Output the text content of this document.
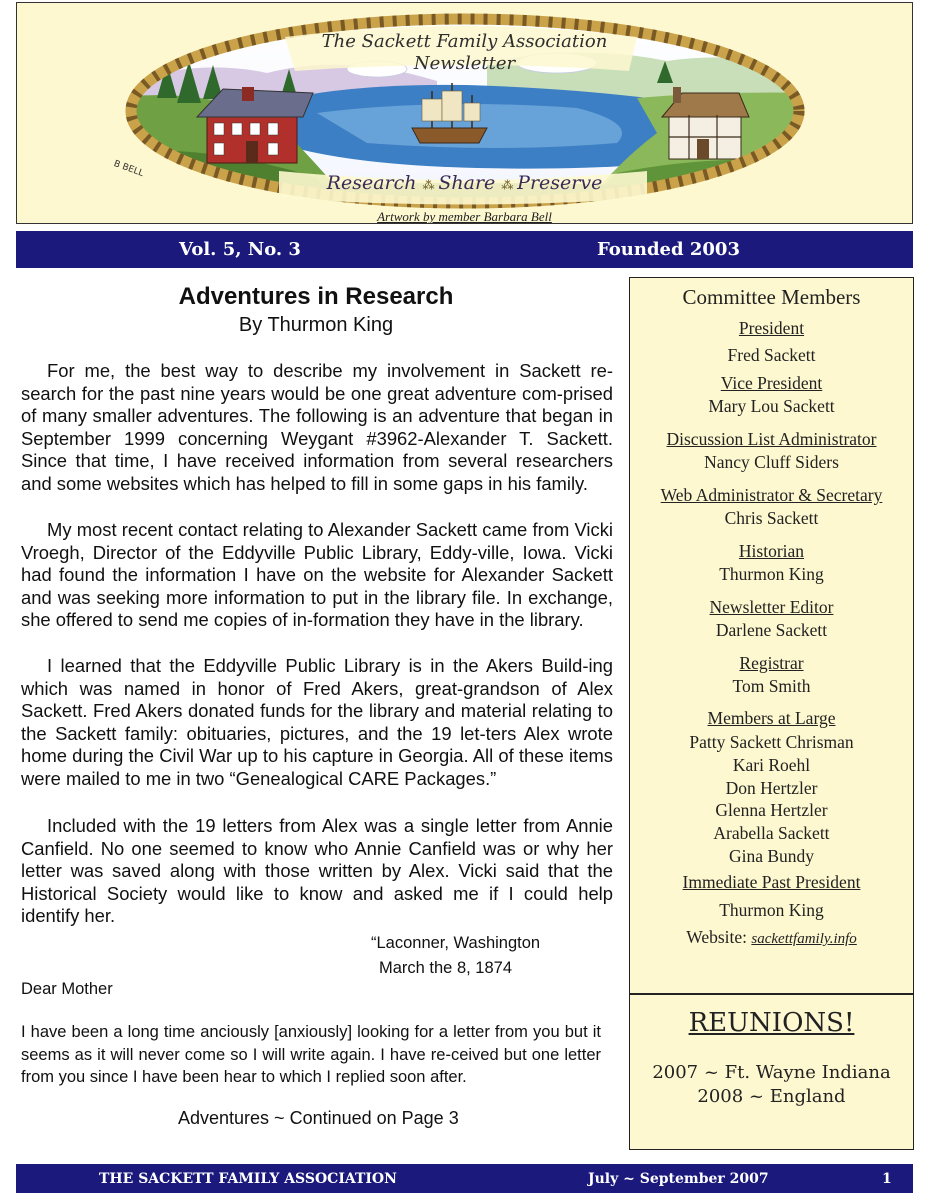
The Sackett Family Association
Newsletter
B BELL
Research ⁂ Share ⁂ Preserve
Artwork by member Barbara Bell
Vol. 5, No. 3	Founded 2003
Adventures in Research
By Thurmon King

For me, the best way to describe my involvement in Sackett re-search for the past nine years would be one great adventure com-prised of many smaller adventures. The following is an adventure that began in September 1999 concerning Weygant #3962-Alexander T. Sackett. Since that time, I have received information from several researchers and some websites which has helped to fill in some gaps in his family.

My most recent contact relating to Alexander Sackett came from Vicki Vroegh, Director of the Eddyville Public Library, Eddy-ville, Iowa. Vicki had found the information I have on the website for Alexander Sackett and was seeking more information to put in the library file. In exchange, she offered to send me copies of in-formation they have in the library.

I learned that the Eddyville Public Library is in the Akers Build-ing which was named in honor of Fred Akers, great-grandson of Alex Sackett. Fred Akers donated funds for the library and material relating to the Sackett family: obituaries, pictures, and the 19 let-ters Alex wrote home during the Civil War up to his capture in Georgia. All of these items were mailed to me in two “Genealogical CARE Packages.”

Included with the 19 letters from Alex was a single letter from Annie Canfield. No one seemed to know who Annie Canfield was or why her letter was saved along with those written by Alex. Vicki said that the Historical Society would like to know and asked me if I could help identify her.

“Laconner, Washington
March the 8, 1874
Dear Mother
I have been a long time anciously [anxiously] looking for a letter from you but it seems as it will never come so I will write again. I have re-ceived but one letter from you since I have been hear to which I replied soon after.
Adventures ~ Continued on Page 3
Committee Members
President
Fred Sackett
Vice President
Mary Lou Sackett
Discussion List Administrator
Nancy Cluff Siders
Web Administrator & Secretary
Chris Sackett
Historian
Thurmon King
Newsletter Editor
Darlene Sackett
Registrar
Tom Smith
Members at Large
Patty Sackett Chrisman
Kari Roehl
Don Hertzler
Glenna Hertzler
Arabella Sackett
Gina Bundy
Immediate Past President
Thurmon King
Website: sackettfamily.info
REUNIONS!
2007 ~ Ft. Wayne Indiana
2008 ~ England
THE SACKETT FAMILY ASSOCIATION	July ~ September 2007	1
